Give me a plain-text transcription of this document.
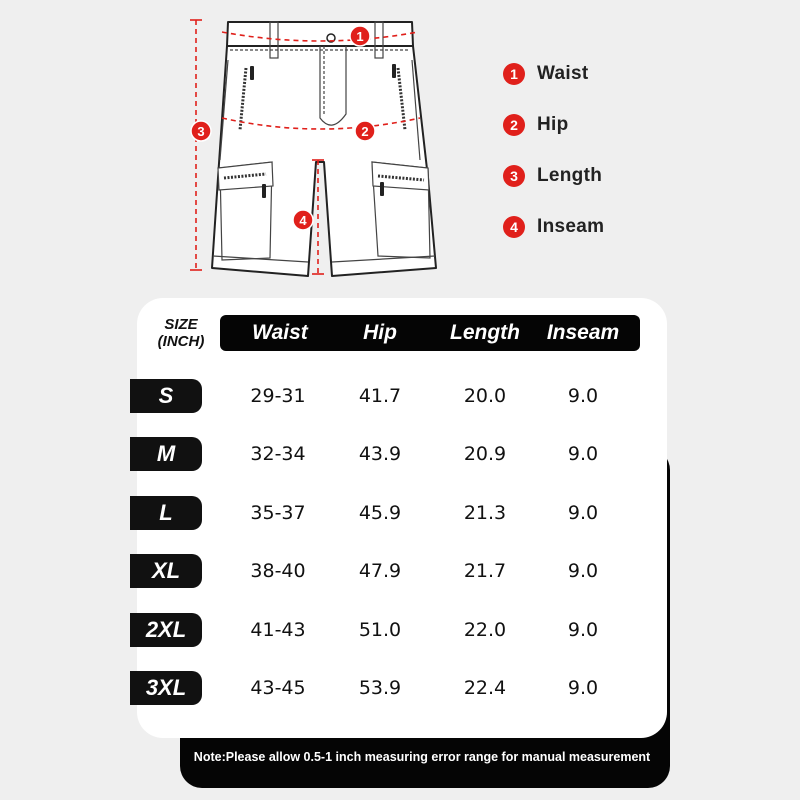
1
2
3
4
1	Waist
2	Hip
3	Length
4	Inseam
SIZE
(INCH)	Waist	Hip	Length	Inseam
S	29-31	41.7	20.0	9.0
M	32-34	43.9	20.9	9.0
L	35-37	45.9	21.3	9.0
XL	38-40	47.9	21.7	9.0
2XL	41-43	51.0	22.0	9.0
3XL	43-45	53.9	22.4	9.0
Note:Please allow 0.5-1 inch measuring error range for manual measurement
